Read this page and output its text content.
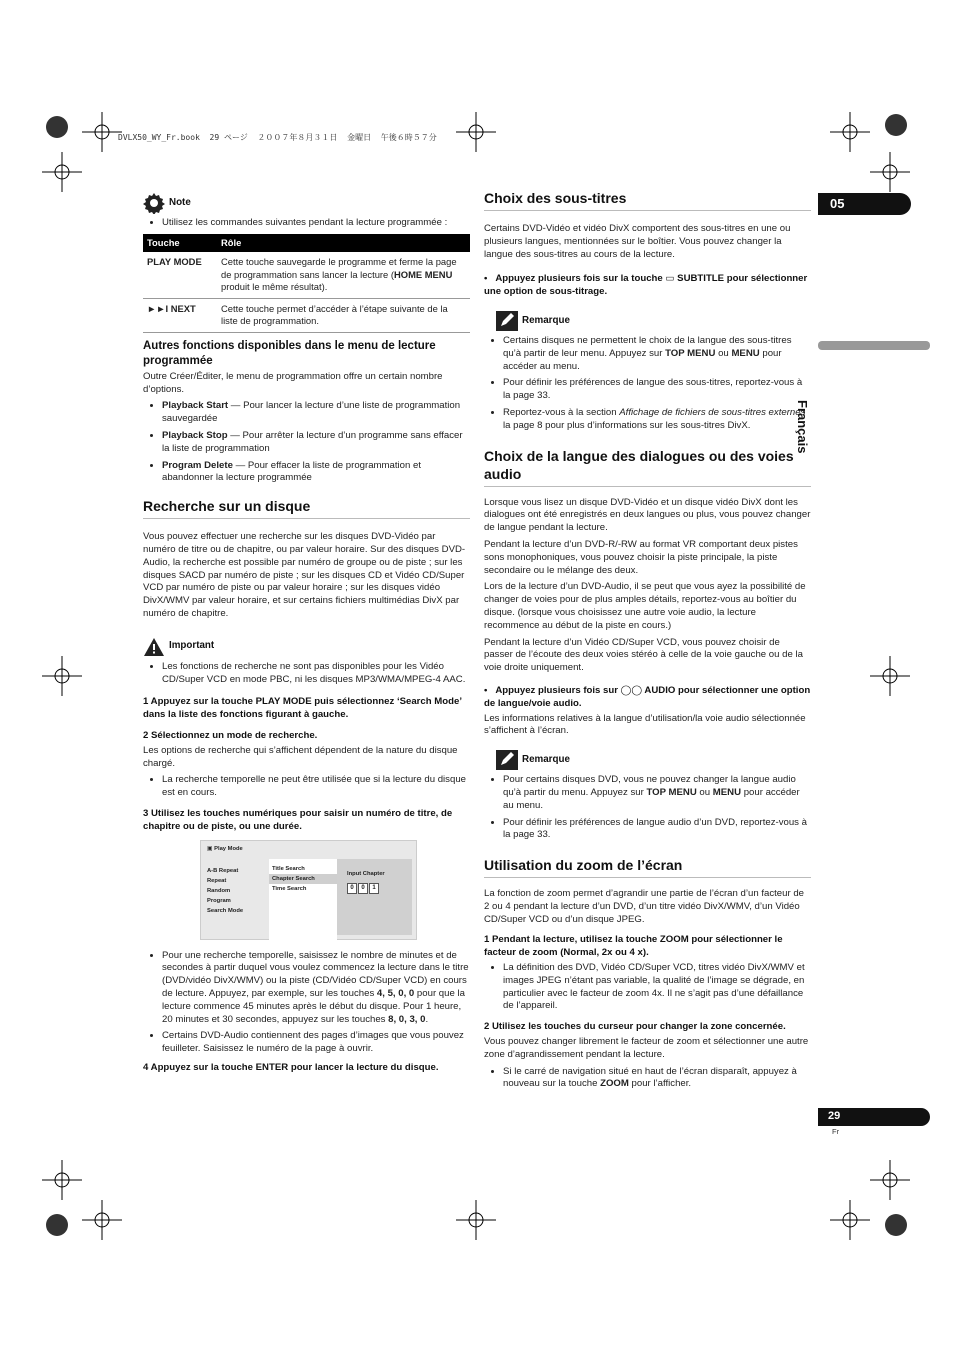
DVLX50_WY_Fr.book  29 ページ  ２００７年８月３１日  金曜日  午後６時５７分
05
Français
29
Fr
Note
• Utilisez les commandes suivantes pendant la lecture programmée :
Touche	Rôle
PLAY MODE	Cette touche sauvegarde le programme et ferme la page de programmation sans lancer la lecture (HOME MENU produit le même résultat).
►►I NEXT	Cette touche permet d’accéder à l’étape suivante de la liste de programmation.
Autres fonctions disponibles dans le menu de lecture programmée

Outre Créer/Éditer, le menu de programmation offre un certain nombre d’options.

• Playback Start — Pour lancer la lecture d’une liste de programmation sauvegardée
• Playback Stop — Pour arrêter la lecture d’un programme sans effacer la liste de programmation
• Program Delete — Pour effacer la liste de programmation et abandonner la lecture programmée
Recherche sur un disque

Vous pouvez effectuer une recherche sur les disques DVD-Vidéo par numéro de titre ou de chapitre, ou par valeur horaire. Sur des disques DVD-Audio, la recherche est possible par numéro de groupe ou de piste ; sur les disques SACD par numéro de piste ; sur les disques CD et Vidéo CD/Super VCD par numéro de piste ou par valeur horaire ; sur les disques vidéo DivX/WMV par valeur horaire, et sur certains fichiers multimédias DivX par numéro de chapitre.

Important
• Les fonctions de recherche ne sont pas disponibles pour les Vidéo CD/Super VCD en mode PBC, ni les disques MP3/WMA/MPEG-4 AAC.
1 Appuyez sur la touche PLAY MODE puis sélectionnez ‘Search Mode’ dans la liste des fonctions figurant à gauche.
2 Sélectionnez un mode de recherche.

Les options de recherche qui s’affichent dépendent de la nature du disque chargé.

• La recherche temporelle ne peut être utilisée que si la lecture du disque est en cours.
3 Utilisez les touches numériques pour saisir un numéro de titre, de chapitre ou de piste, ou une durée.
▣ Play Mode
A-B Repeat
Repeat
Random
Program
Search Mode
Title Search
Chapter Search
Time Search
Input Chapter
0	0	1
• Pour une recherche temporelle, saisissez le nombre de minutes et de secondes à partir duquel vous voulez commencez la lecture dans le titre (DVD/vidéo DivX/WMV) ou la piste (CD/Vidéo CD/Super VCD) en cours de lecture. Appuyez, par exemple, sur les touches 4, 5, 0, 0 pour que la lecture commence 45 minutes après le début du disque. Pour 1 heure, 20 minutes et 30 secondes, appuyez sur les touches 8, 0, 3, 0.
• Certains DVD-Audio contiennent des pages d’images que vous pouvez feuilleter. Saisissez le numéro de la page à ouvrir.
4 Appuyez sur la touche ENTER pour lancer la lecture du disque.
Choix des sous-titres

Certains DVD-Vidéo et vidéo DivX comportent des sous-titres en une ou plusieurs langues, mentionnées sur le boîtier. Vous pouvez changer la langue des sous-titres au cours de la lecture.

•   Appuyez plusieurs fois sur la touche ▭ SUBTITLE pour sélectionner une option de sous-titrage.
Remarque
• Certains disques ne permettent le choix de la langue des sous-titres qu’à partir de leur menu. Appuyez sur TOP MENU ou MENU pour accéder au menu.
• Pour définir les préférences de langue des sous-titres, reportez-vous à la page 33.
• Reportez-vous à la section Affichage de fichiers de sous-titres externes la page 8 pour plus d’informations sur les sous-titres DivX.
Choix de la langue des dialogues ou des voies audio

Lorsque vous lisez un disque DVD-Vidéo et un disque vidéo DivX dont les dialogues ont été enregistrés en deux langues ou plus, vous pouvez changer de langue pendant la lecture.

Pendant la lecture d’un DVD-R/-RW au format VR comportant deux pistes sons monophoniques, vous pouvez choisir la piste principale, la piste secondaire ou le mélange des deux.

Lors de la lecture d’un DVD-Audio, il se peut que vous ayez la possibilité de changer de voies pour de plus amples détails, reportez-vous au boîtier du disque. (lorsque vous choisissez une autre voie audio, la lecture recommence au début de la piste en cours.)

Pendant la lecture d’un Vidéo CD/Super VCD, vous pouvez choisir de passer de l’écoute des deux voies stéréo à celle de la voie gauche ou de la voie droite uniquement.

•   Appuyez plusieurs fois sur ◯◯ AUDIO pour sélectionner une option de langue/voie audio.

Les informations relatives à la langue d’utilisation/la voie audio sélectionnée s’affichent à l’écran.

Remarque
• Pour certains disques DVD, vous ne pouvez changer la langue audio qu’à partir du menu. Appuyez sur TOP MENU ou MENU pour accéder au menu.
• Pour définir les préférences de langue audio d’un DVD, reportez-vous à la page 33.
Utilisation du zoom de l’écran

La fonction de zoom permet d’agrandir une partie de l’écran d’un facteur de 2 ou 4 pendant la lecture d’un DVD, d’un titre vidéo DivX/WMV, d’un Vidéo CD/Super VCD ou d’un disque JPEG.

1 Pendant la lecture, utilisez la touche ZOOM pour sélectionner le facteur de zoom (Normal, 2x ou 4 x).
• La définition des DVD, Vidéo CD/Super VCD, titres vidéo DivX/WMV et images JPEG n’étant pas variable, la qualité de l’image se dégrade, en particulier avec le facteur de zoom 4x. Il ne s’agit pas d’une défaillance de l’appareil.
2 Utilisez les touches du curseur pour changer la zone concernée.

Vous pouvez changer librement le facteur de zoom et sélectionner une autre zone d’agrandissement pendant la lecture.

• Si le carré de navigation situé en haut de l’écran disparaît, appuyez à nouveau sur la touche ZOOM pour l’afficher.
